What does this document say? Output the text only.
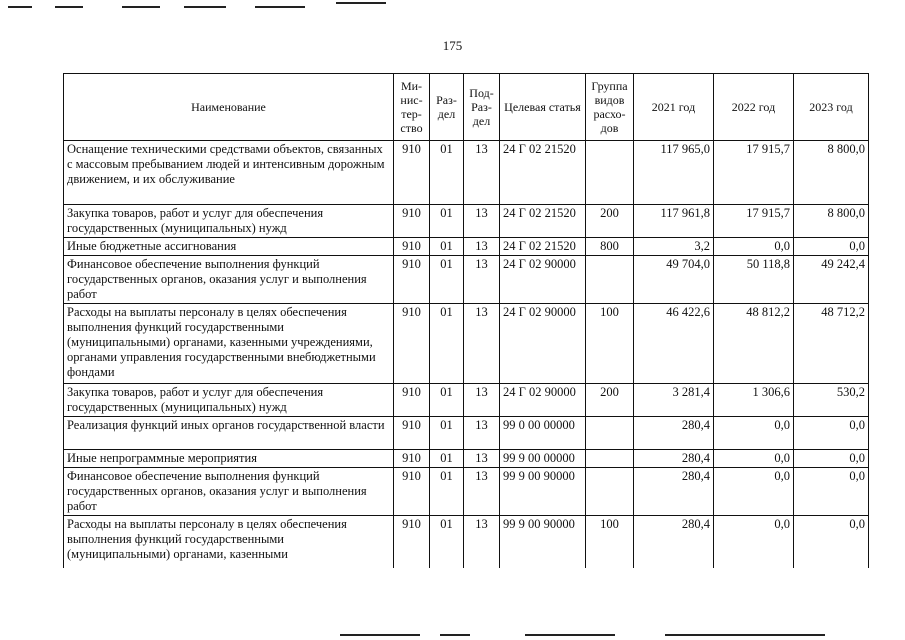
175
Наименование	Ми-нис-тер-ство	Раз-дел	Под-Раз-дел	Целевая статья	Группа видов расхо-дов	2021 год	2022 год	2023 год
Оснащение техническими средствами объектов, связанных с массовым пребыванием людей и интенсивным дорожным движением, и их обслуживание	910	01	13	24 Г 02 21520		117 965,0	17 915,7	8 800,0
Закупка товаров, работ и услуг для обеспечения государственных (муниципальных) нужд	910	01	13	24 Г 02 21520	200	117 961,8	17 915,7	8 800,0
Иные бюджетные ассигнования	910	01	13	24 Г 02 21520	800	3,2	0,0	0,0
Финансовое обеспечение выполнения функций государственных органов, оказания услуг и выполнения работ	910	01	13	24 Г 02 90000		49 704,0	50 118,8	49 242,4
Расходы на выплаты персоналу в целях обеспечения выполнения функций государственными (муниципальными) органами, казенными учреждениями, органами управления государственными внебюджетными фондами	910	01	13	24 Г 02 90000	100	46 422,6	48 812,2	48 712,2
Закупка товаров, работ и услуг для обеспечения государственных (муниципальных) нужд	910	01	13	24 Г 02 90000	200	3 281,4	1 306,6	530,2
Реализация функций иных органов государственной власти	910	01	13	99 0 00 00000		280,4	0,0	0,0
Иные непрограммные мероприятия	910	01	13	99 9 00 00000		280,4	0,0	0,0
Финансовое обеспечение выполнения функций государственных органов, оказания услуг и выполнения работ	910	01	13	99 9 00 90000		280,4	0,0	0,0
Расходы на выплаты персоналу в целях обеспечения выполнения функций государственными (муниципальными) органами, казенными	910	01	13	99 9 00 90000	100	280,4	0,0	0,0
